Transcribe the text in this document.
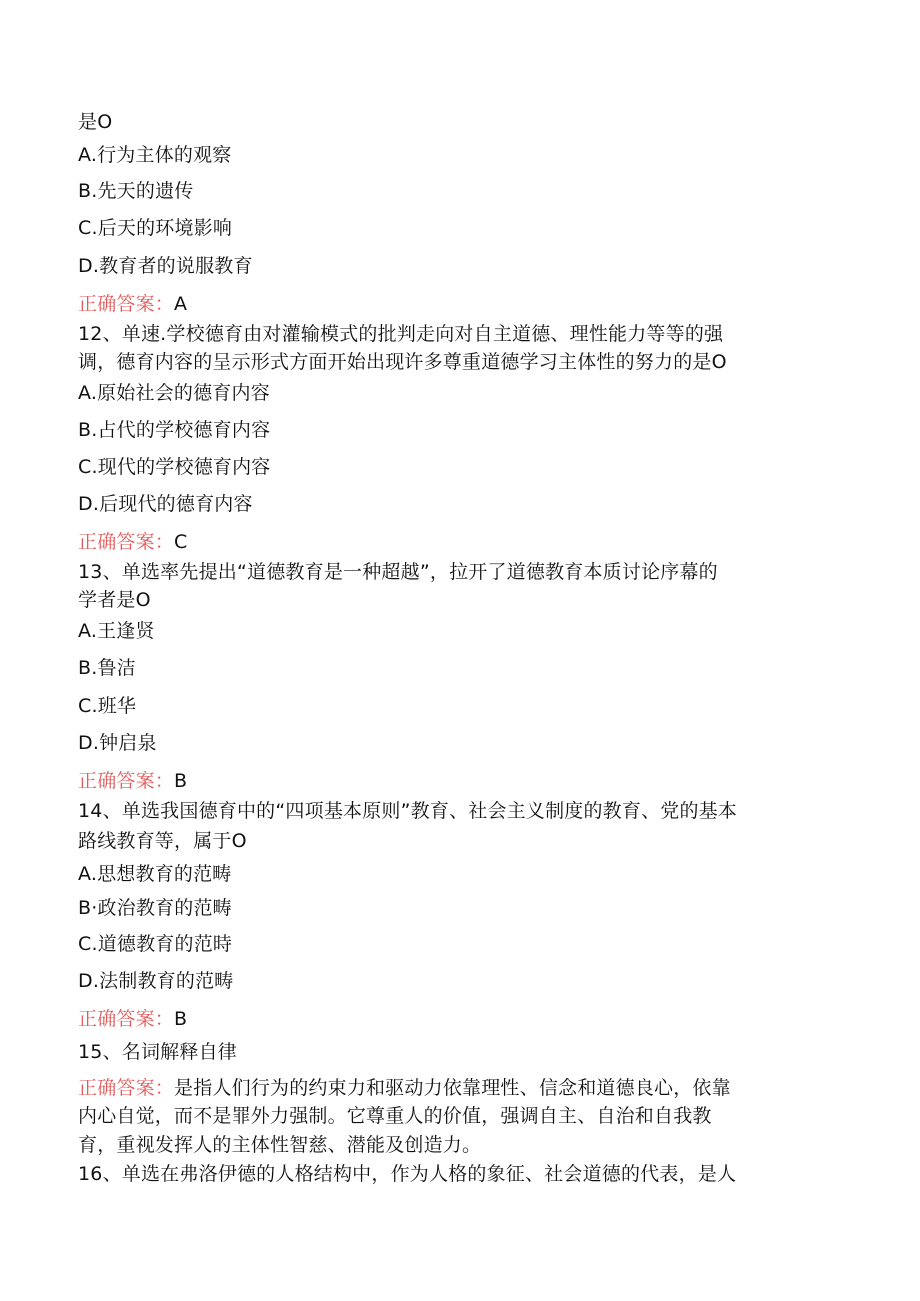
是O
A.行为主体的观察
B.先天的遗传
C.后天的环境影响
D.教育者的说服教育
正确答案：A
12、单速.学校德育由对灌输模式的批判走向对自主道德、理性能力等等的强
调，德育内容的呈示形式方面开始出现许多尊重道德学习主体性的努力的是O
A.原始社会的德育内容
B.占代的学校德育内容
C.现代的学校德育内容
D.后现代的德育内容
正确答案：C
13、单选率先提出“道德教育是一种超越”，拉开了道德教育本质讨论序幕的
学者是O
A.王逢贤
B.鲁洁
C.班华
D.钟启泉
正确答案：B
14、单选我国德育中的“四项基本原则”教育、社会主义制度的教育、党的基本
路线教育等，属于O
A.思想教育的范畴
B·政治教育的范畴
C.道德教育的范時
D.法制教育的范畴
正确答案：B
15、名词解释自律
正确答案：是指人们行为的约束力和驱动力依靠理性、信念和道德良心，依靠
内心自觉，而不是罪外力强制。它尊重人的价值，强调自主、自治和自我教
育，重视发挥人的主体性智慈、潜能及创造力。
16、单选在弗洛伊德的人格结构中，作为人格的象征、社会道德的代表，是人
